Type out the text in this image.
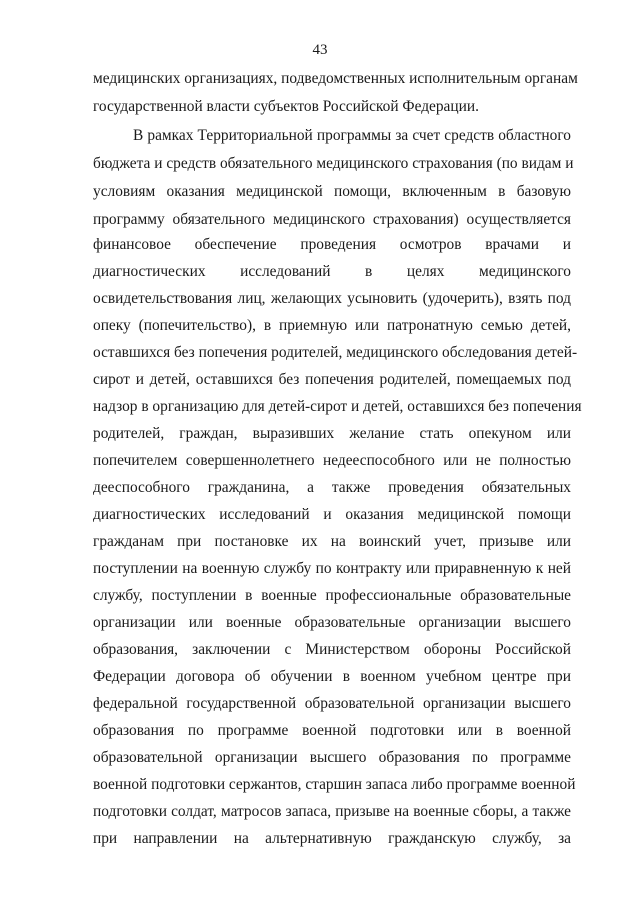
43
медицинских организациях, подведомственных исполнительным органам
государственной власти субъектов Российской Федерации.
В рамках Территориальной программы за счет средств областного
бюджета и средств обязательного медицинского страхования (по видам и
условиям оказания медицинской помощи, включенным в базовую
программу обязательного медицинского страхования) осуществляется
финансовое обеспечение проведения осмотров врачами и
диагностических исследований в целях медицинского
освидетельствования лиц, желающих усыновить (удочерить), взять под
опеку (попечительство), в приемную или патронатную семью детей,
оставшихся без попечения родителей, медицинского обследования детей-
сирот и детей, оставшихся без попечения родителей, помещаемых под
надзор в организацию для детей-сирот и детей, оставшихся без попечения
родителей, граждан, выразивших желание стать опекуном или
попечителем совершеннолетнего недееспособного или не полностью
дееспособного гражданина, а также проведения обязательных
диагностических исследований и оказания медицинской помощи
гражданам при постановке их на воинский учет, призыве или
поступлении на военную службу по контракту или приравненную к ней
службу, поступлении в военные профессиональные образовательные
организации или военные образовательные организации высшего
образования, заключении с Министерством обороны Российской
Федерации договора об обучении в военном учебном центре при
федеральной государственной образовательной организации высшего
образования по программе военной подготовки или в военной
образовательной организации высшего образования по программе
военной подготовки сержантов, старшин запаса либо программе военной
подготовки солдат, матросов запаса, призыве на военные сборы, а также
при направлении на альтернативную гражданскую службу, за
